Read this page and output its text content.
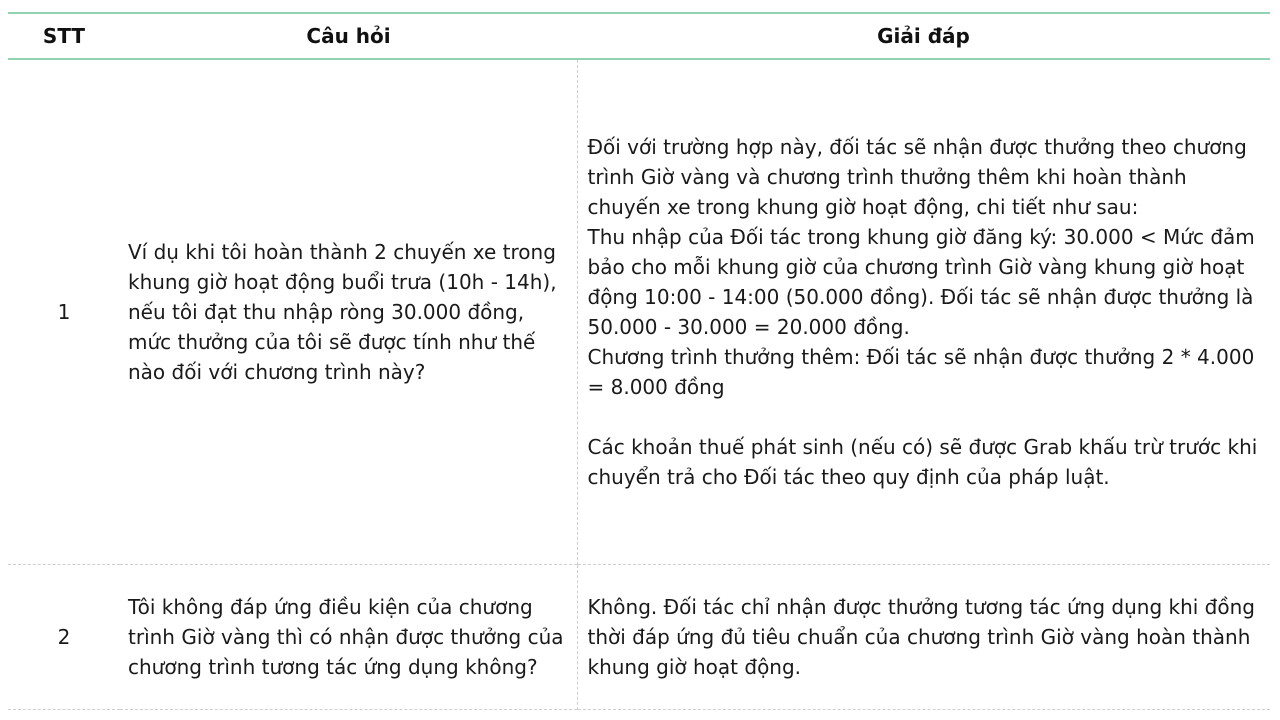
STT	Câu hỏi	Giải đáp
1	Ví dụ khi tôi hoàn thành 2 chuyến xe trong khung giờ hoạt động buổi trưa (10h - 14h), nếu tôi đạt thu nhập ròng 30.000 đồng, mức thưởng của tôi sẽ được tính như thế nào đối với chương trình này?	Đối với trường hợp này, đối tác sẽ nhận được thưởng theo chương trình Giờ vàng và chương trình thưởng thêm khi hoàn thành chuyến xe trong khung giờ hoạt động, chi tiết như sau:
Thu nhập của Đối tác trong khung giờ đăng ký: 30.000 < Mức đảm bảo cho mỗi khung giờ của chương trình Giờ vàng khung giờ hoạt động 10:00 - 14:00 (50.000 đồng). Đối tác sẽ nhận được thưởng là 50.000 - 30.000 = 20.000 đồng.
Chương trình thưởng thêm: Đối tác sẽ nhận được thưởng 2 * 4.000 = 8.000 đồng
Các khoản thuế phát sinh (nếu có) sẽ được Grab khấu trừ trước khi chuyển trả cho Đối tác theo quy định của pháp luật.

2	Tôi không đáp ứng điều kiện của chương trình Giờ vàng thì có nhận được thưởng của chương trình tương tác ứng dụng không?	Không. Đối tác chỉ nhận được thưởng tương tác ứng dụng khi đồng thời đáp ứng đủ tiêu chuẩn của chương trình Giờ vàng hoàn thành khung giờ hoạt động.
